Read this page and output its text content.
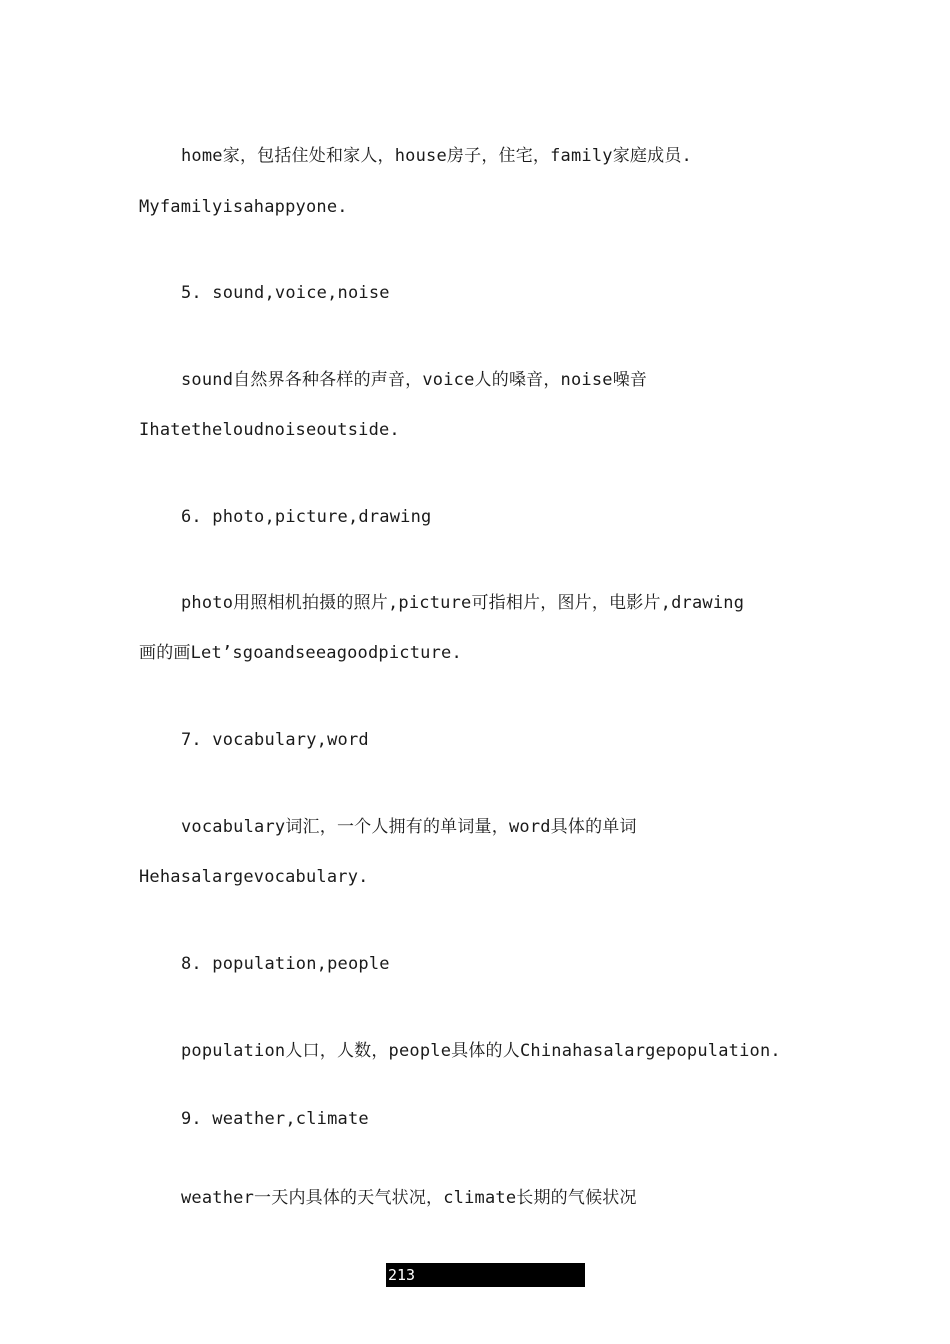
home家，包括住处和家人，house房子，住宅，family家庭成员.

Myfamilyisahappyone.

5. sound,voice,noise

sound自然界各种各样的声音，voice人的嗓音，noise噪音

Ihatetheloudnoiseoutside.

6. photo,picture,drawing

photo用照相机拍摄的照片,picture可指相片，图片，电影片,drawing

画的画Let’sgoandseeagoodpicture.

7. vocabulary,word

vocabulary词汇，一个人拥有的单词量，word具体的单词

Hehasalargevocabulary.

8. population,people

population人口，人数，people具体的人Chinahasalargepopulation.

9. weather,climate

weather一天内具体的天气状况，climate长期的气候状况

213
